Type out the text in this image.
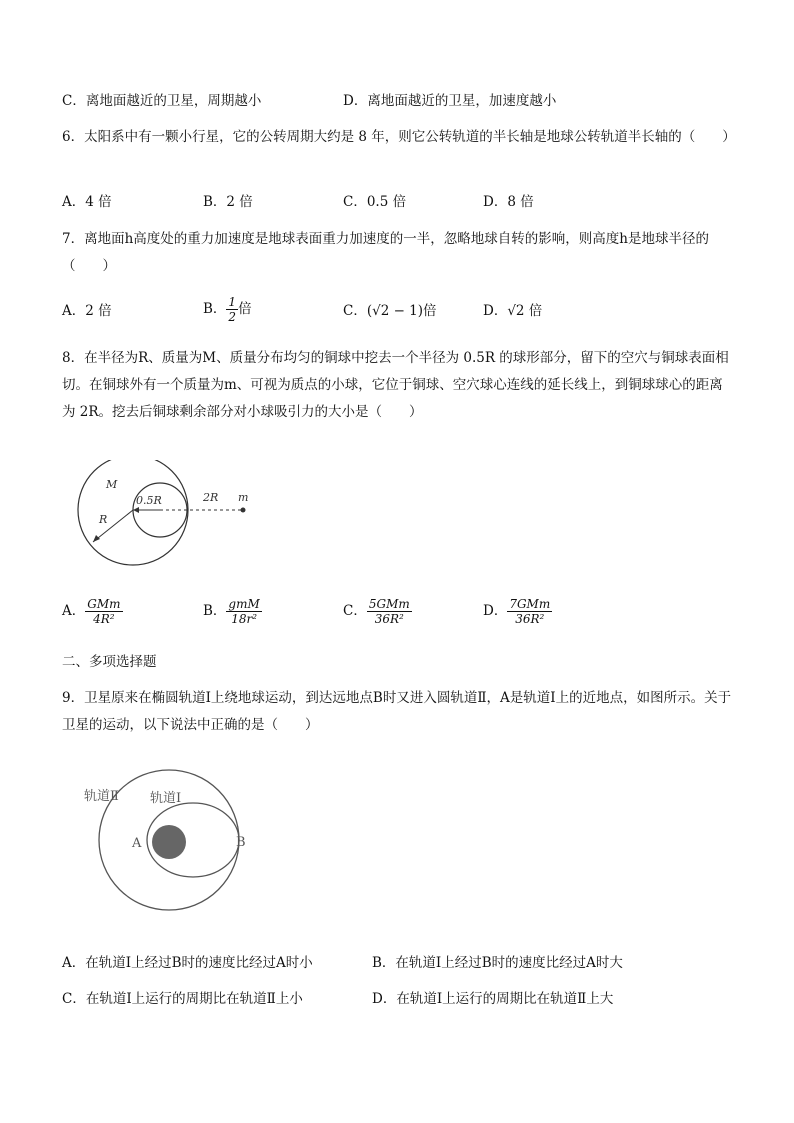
C．离地面越近的卫星，周期越小	D．离地面越近的卫星，加速度越小
6．太阳系中有一颗小行星，它的公转周期大约是 8 年，则它公转轨道的半长轴是地球公转轨道半长轴的（　　）
A．4 倍	B．2 倍	C．0.5 倍	D．8 倍
7．离地面h高度处的重力加速度是地球表面重力加速度的一半，忽略地球自转的影响，则高度h是地球半径的（　　）
A．2 倍	B． $\frac{1}{2}$ 倍	C．(√2 − 1)倍	D．√2 倍
8．在半径为R、质量为M、质量分布均匀的铜球中挖去一个半径为 0.5R 的球形部分，留下的空穴与铜球表面相切。在铜球外有一个质量为m、可视为质点的小球，它位于铜球、空穴球心连线的延长线上，到铜球球心的距离为 2R。挖去后铜球剩余部分对小球吸引力的大小是（　　）
M
0.5R	2R m
R
A． $\frac{\text{GMm}}{\text{4R²}}$	B． $\frac{\text{gmM}}{\text{18r²}}$	C． $\frac{\text{5GMm}}{\text{36R²}}$	D． $\frac{\text{7GMm}}{\text{36R²}}$
二、多项选择题
9．卫星原来在椭圆轨道Ⅰ上绕地球运动，到达远地点B时又进入圆轨道Ⅱ，A是轨道Ⅰ上的近地点，如图所示。关于卫星的运动，以下说法中正确的是（　　）
轨道Ⅱ 轨道Ⅰ
A	B
A．在轨道Ⅰ上经过B时的速度比经过A时小	B．在轨道Ⅰ上经过B时的速度比经过A时大
C．在轨道Ⅰ上运行的周期比在轨道Ⅱ上小	D．在轨道Ⅰ上运行的周期比在轨道Ⅱ上大
